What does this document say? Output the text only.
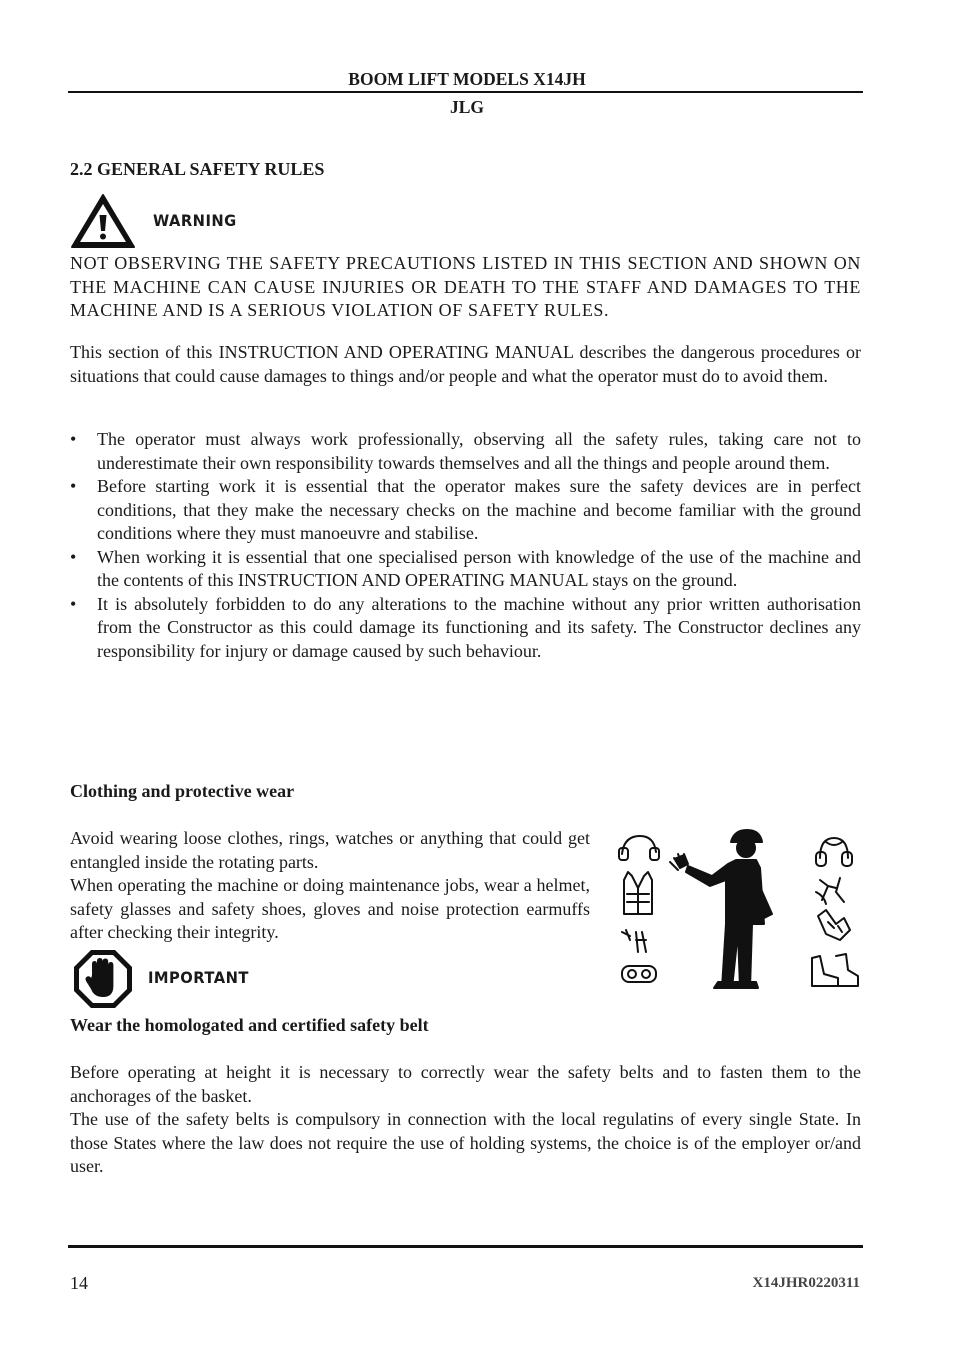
BOOM LIFT MODELS X14JH
JLG
2.2 GENERAL SAFETY RULES
WARNING
NOT OBSERVING THE SAFETY PRECAUTIONS LISTED IN THIS SECTION AND SHOWN ON THE MACHINE CAN CAUSE INJURIES OR DEATH TO THE STAFF AND DAMAGES TO THE MACHINE AND IS A SERIOUS VIOLATION OF SAFETY RULES.
This section of this INSTRUCTION AND OPERATING MANUAL describes the dangerous procedures or situations that could cause damages to things and/or people and what the operator must do to avoid them.
• The operator must always work professionally, observing all the safety rules, taking care not to underestimate their own responsibility towards themselves and all the things and people around them.
• Before starting work it is essential that the operator makes sure the safety devices are in perfect conditions, that they make the necessary checks on the machine and become familiar with the ground conditions where they must manoeuvre and stabilise.
• When working it is essential that one specialised person with knowledge of the use of the machine and the contents of this INSTRUCTION AND OPERATING MANUAL stays on the ground.
• It is absolutely forbidden to do any alterations to the machine without any prior written authorisation from the Constructor as this could damage its functioning and its safety. The Constructor declines any responsibility for injury or damage caused by such behaviour.
Clothing and protective wear
Avoid wearing loose clothes, rings, watches or anything that could get entangled inside the rotating parts.
When operating the machine or doing maintenance jobs, wear a helmet, safety glasses and safety shoes, gloves and noise protection earmuffs after checking their integrity.
IMPORTANT
Wear the homologated and certified safety belt
Before operating at height it is necessary to correctly wear the safety belts and to fasten them to the anchorages of the basket.
The use of the safety belts is compulsory in connection with the local regulatins of every single State. In those States where the law does not require the use of holding systems, the choice is of the employer or/and user.
14	X14JHR0220311
